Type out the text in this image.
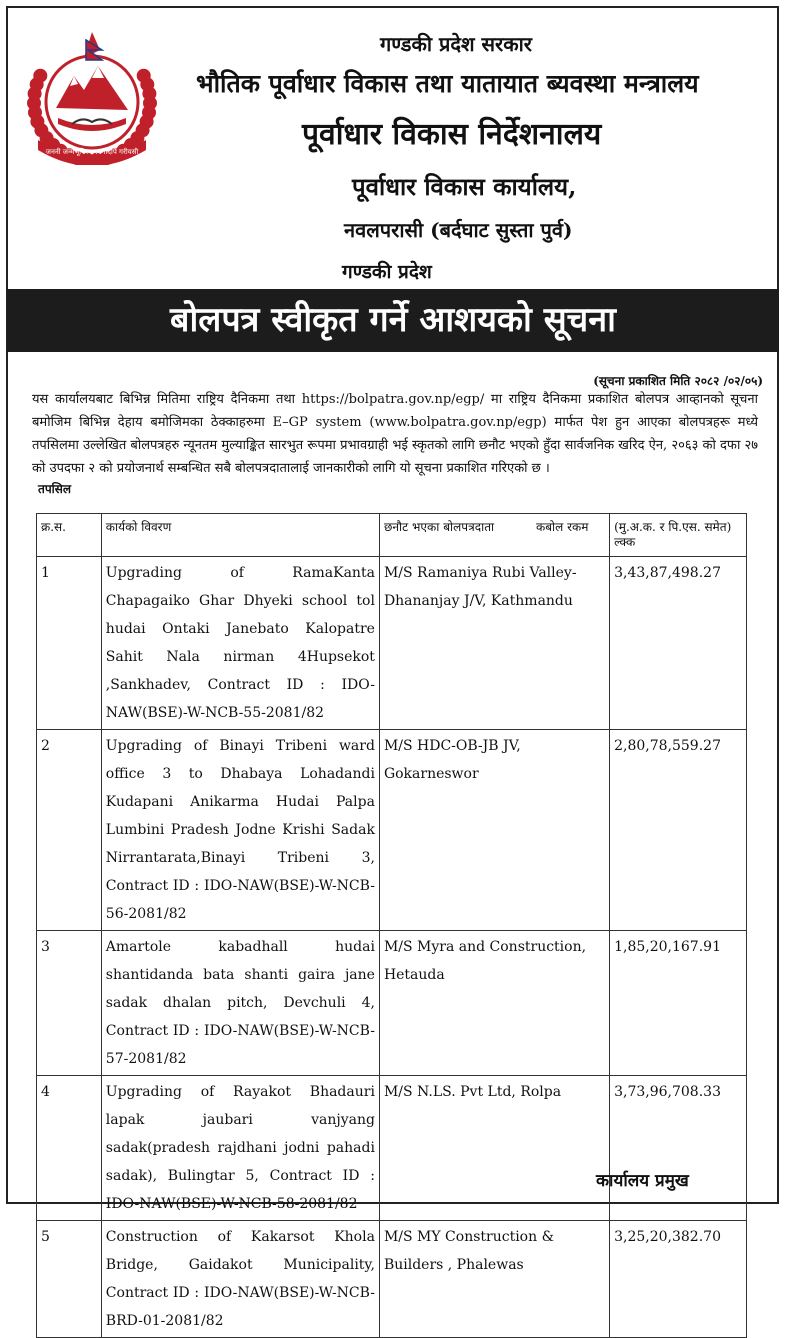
जननी जन्मभूमिश्च स्वर्गादपि गरीयसी
गण्डकी प्रदेश सरकार
भौतिक पूर्वाधार विकास तथा यातायात ब्यवस्था मन्त्रालय
पूर्वाधार विकास निर्देशनालय
पूर्वाधार विकास कार्यालय,
नवलपरासी (बर्दघाट सुस्ता पुर्व)
गण्डकी प्रदेश
बोलपत्र स्वीकृत गर्ने आशयको सूचना
(सूचना प्रकाशित मिति २०८२ /०२/०५)
यस कार्यालयबाट बिभिन्न मितिमा राष्ट्रिय दैनिकमा तथा https://bolpatra.gov.np/egp/ मा राष्ट्रिय दैनिकमा प्रकाशित बोलपत्र आव्हानको सूचना बमोजिम बिभिन्न देहाय बमोजिमका ठेक्काहरुमा E–GP system (www.bolpatra.gov.np/egp) मार्फत पेश हुन आएका बोलपत्रहरू मध्ये तपसिलमा उल्लेखित बोलपत्रहरु न्यूनतम मुल्याङ्कित सारभुत रूपमा प्रभावग्राही भई स्कृतको लागि छनौट भएको हुँदा सार्वजनिक खरिद ऐन, २०६३ को दफा २७ को उपदफा २ को प्रयोजनार्थ सम्बन्धित सबै बोलपत्रदातालाई जानकारीको लागि यो सूचना प्रकाशित गरिएको छ ।
तपसिल
क्र.स.	कार्यको विवरण	छनौट भएका बोलपत्रदाता कबोल रकम	(मु.अ.क. र पि.एस. समेत) ल्क्क
1	Upgrading of RamaKanta Chapagaiko Ghar Dhyeki school tol hudai Ontaki Janebato Kalopatre Sahit Nala nirman 4Hupsekot ,Sankhadev, Contract ID : IDO-NAW(BSE)-W-NCB-55-2081/82	M/S Ramaniya Rubi Valley-Dhananjay J/V, Kathmandu	3,43,87,498.27
2	Upgrading of Binayi Tribeni ward office 3 to Dhabaya Lohadandi Kudapani Anikarma Hudai Palpa Lumbini Pradesh Jodne Krishi Sadak Nirrantarata,Binayi Tribeni 3, Contract ID : IDO-NAW(BSE)-W-NCB-56-2081/82	M/S HDC-OB-JB JV, Gokarneswor	2,80,78,559.27
3	Amartole kabadhall hudai shantidanda bata shanti gaira jane sadak dhalan pitch, Devchuli 4, Contract ID : IDO-NAW(BSE)-W-NCB-57-2081/82	M/S Myra and Construction, Hetauda	1,85,20,167.91
4	Upgrading of Rayakot Bhadauri lapak jaubari vanjyang sadak(pradesh rajdhani jodni pahadi sadak), Bulingtar 5, Contract ID : IDO-NAW(BSE)-W-NCB-58-2081/82	M/S N.LS. Pvt Ltd, Rolpa	3,73,96,708.33
5	Construction of Kakarsot Khola Bridge, Gaidakot Municipality, Contract ID : IDO-NAW(BSE)-W-NCB-BRD-01-2081/82	M/S MY Construction & Builders , Phalewas	3,25,20,382.70
कार्यालय प्रमुख
